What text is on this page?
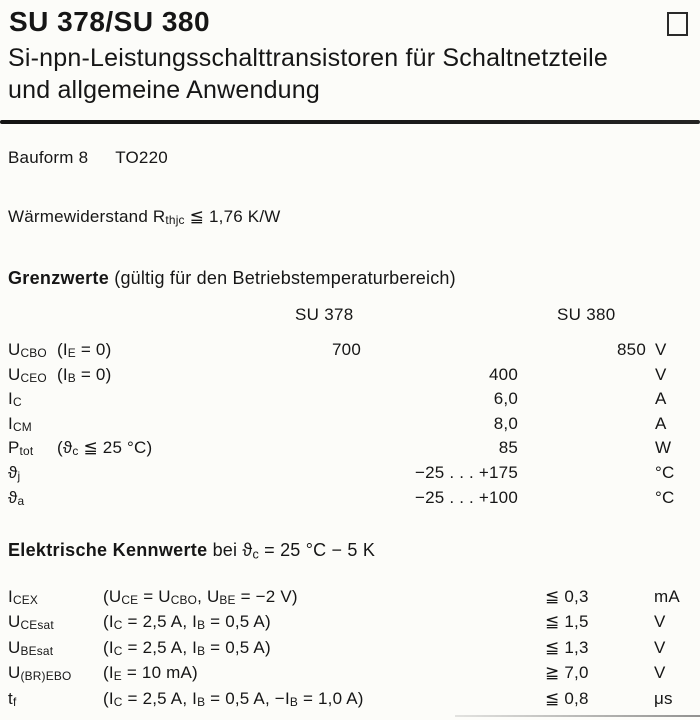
SU 378/SU 380
Si-npn-Leistungsschalttransistoren für Schaltnetzteile
und allgemeine Anwendung
Bauform 8 TO220
Wärmewiderstand $R_{thjc}$ ≦ 1,76 K/W
Grenzwerte (gültig für den Betriebstemperaturbereich)
SU 378	SU 380
$U_{CBO}$ $(I_E = 0)$	700	850 V
$U_{CEO}$ $(I_B = 0)$	400	V
$I_C$	6,0	A
$I_{CM}$	8,0	A
$P_{tot}$	($ϑ_c$ ≦ 25 °C)	85	W
$ϑ_j$	−25 . . . +175	°C
$ϑ_a$	−25 . . . +100	°C
Elektrische Kennwerte bei $ϑ_c = 25$ °C − 5 K
$I_{CEX}$	($U_{CE} = U_{CBO}$, $U_{BE} = -2$ V)	≦ 0,3	mA
$U_{CEsat}$	($I_C = 2,5$ A, $I_B = 0,5$ A)	≦ 1,5	V
$U_{BEsat}$	($I_C = 2,5$ A, $I_B = 0,5$ A)	≦ 1,3	V
$U_{(BR)EBO}$	($I_E = 10$ mA)	≧ 7,0	V
$t_f$	($I_C = 2,5$ A, $I_B = 0,5$ A, $-I_B = 1,0$ A)	≦ 0,8	μs
